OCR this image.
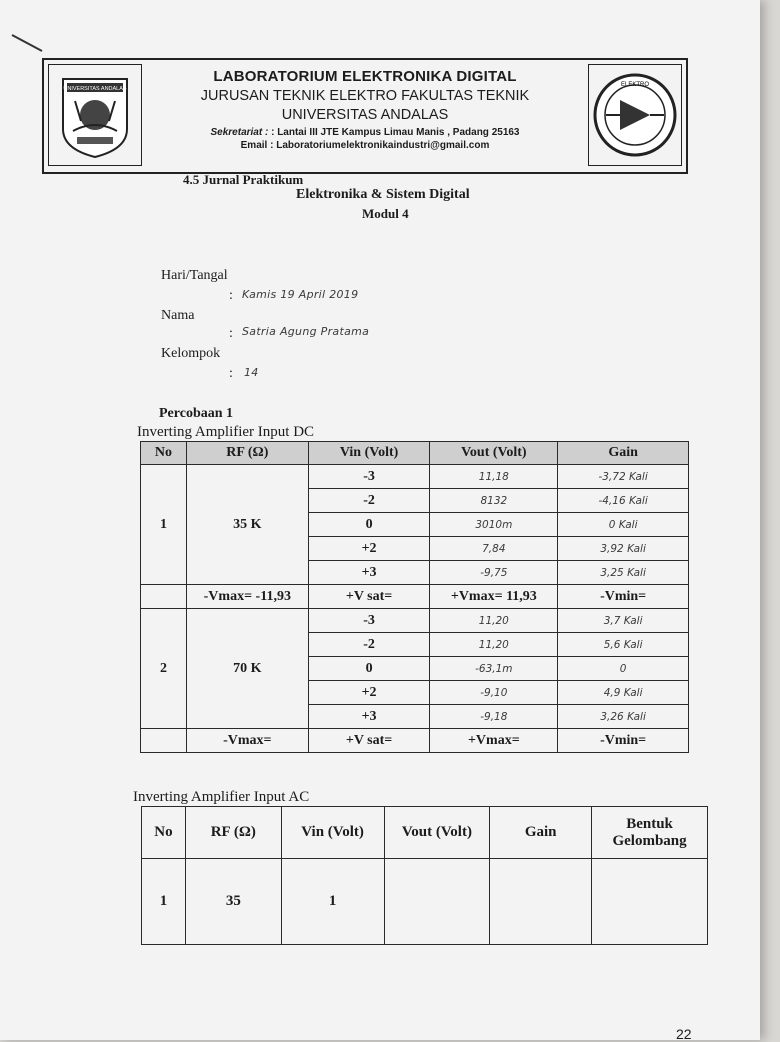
UNIVERSITAS ANDALAS
LABORATORIUM ELEKTRONIKA DIGITAL
JURUSAN TEKNIK ELEKTRO FAKULTAS TEKNIK
UNIVERSITAS ANDALAS
Sekretariat : : Lantai III JTE Kampus Limau Manis , Padang 25163
Email : Laboratoriumelektronikaindustri@gmail.com
ELEKTRO
4.5 Jurnal Praktikum
Elektronika & Sistem Digital
Modul 4
Hari/Tangal
: Kamis 19 April 2019
Nama
: Satria Agung Pratama
Kelompok
: 14
Percobaan 1
Inverting Amplifier Input DC
No	RF (Ω)	Vin (Volt)	Vout (Volt)	Gain
1	35 K	-3	11,18	-3,72 Kali
		-2	8132	-4,16 Kali
		0	3010m	0 Kali
		+2	7,84	3,92 Kali
		+3	-9,75	3,25 Kali
	-Vmax= -11,93	+V sat=	+Vmax= 11,93	-Vmin=
2	70 K	-3	11,20	3,7 Kali
		-2	11,20	5,6 Kali
		0	-63,1m	0
		+2	-9,10	4,9 Kali
		+3	-9,18	3,26 Kali
	-Vmax=	+V sat=	+Vmax=	-Vmin=
Inverting Amplifier Input AC
No	RF (Ω)	Vin (Volt)	Vout (Volt)	Gain	Bentuk Gelombang
1	35	1			
22
